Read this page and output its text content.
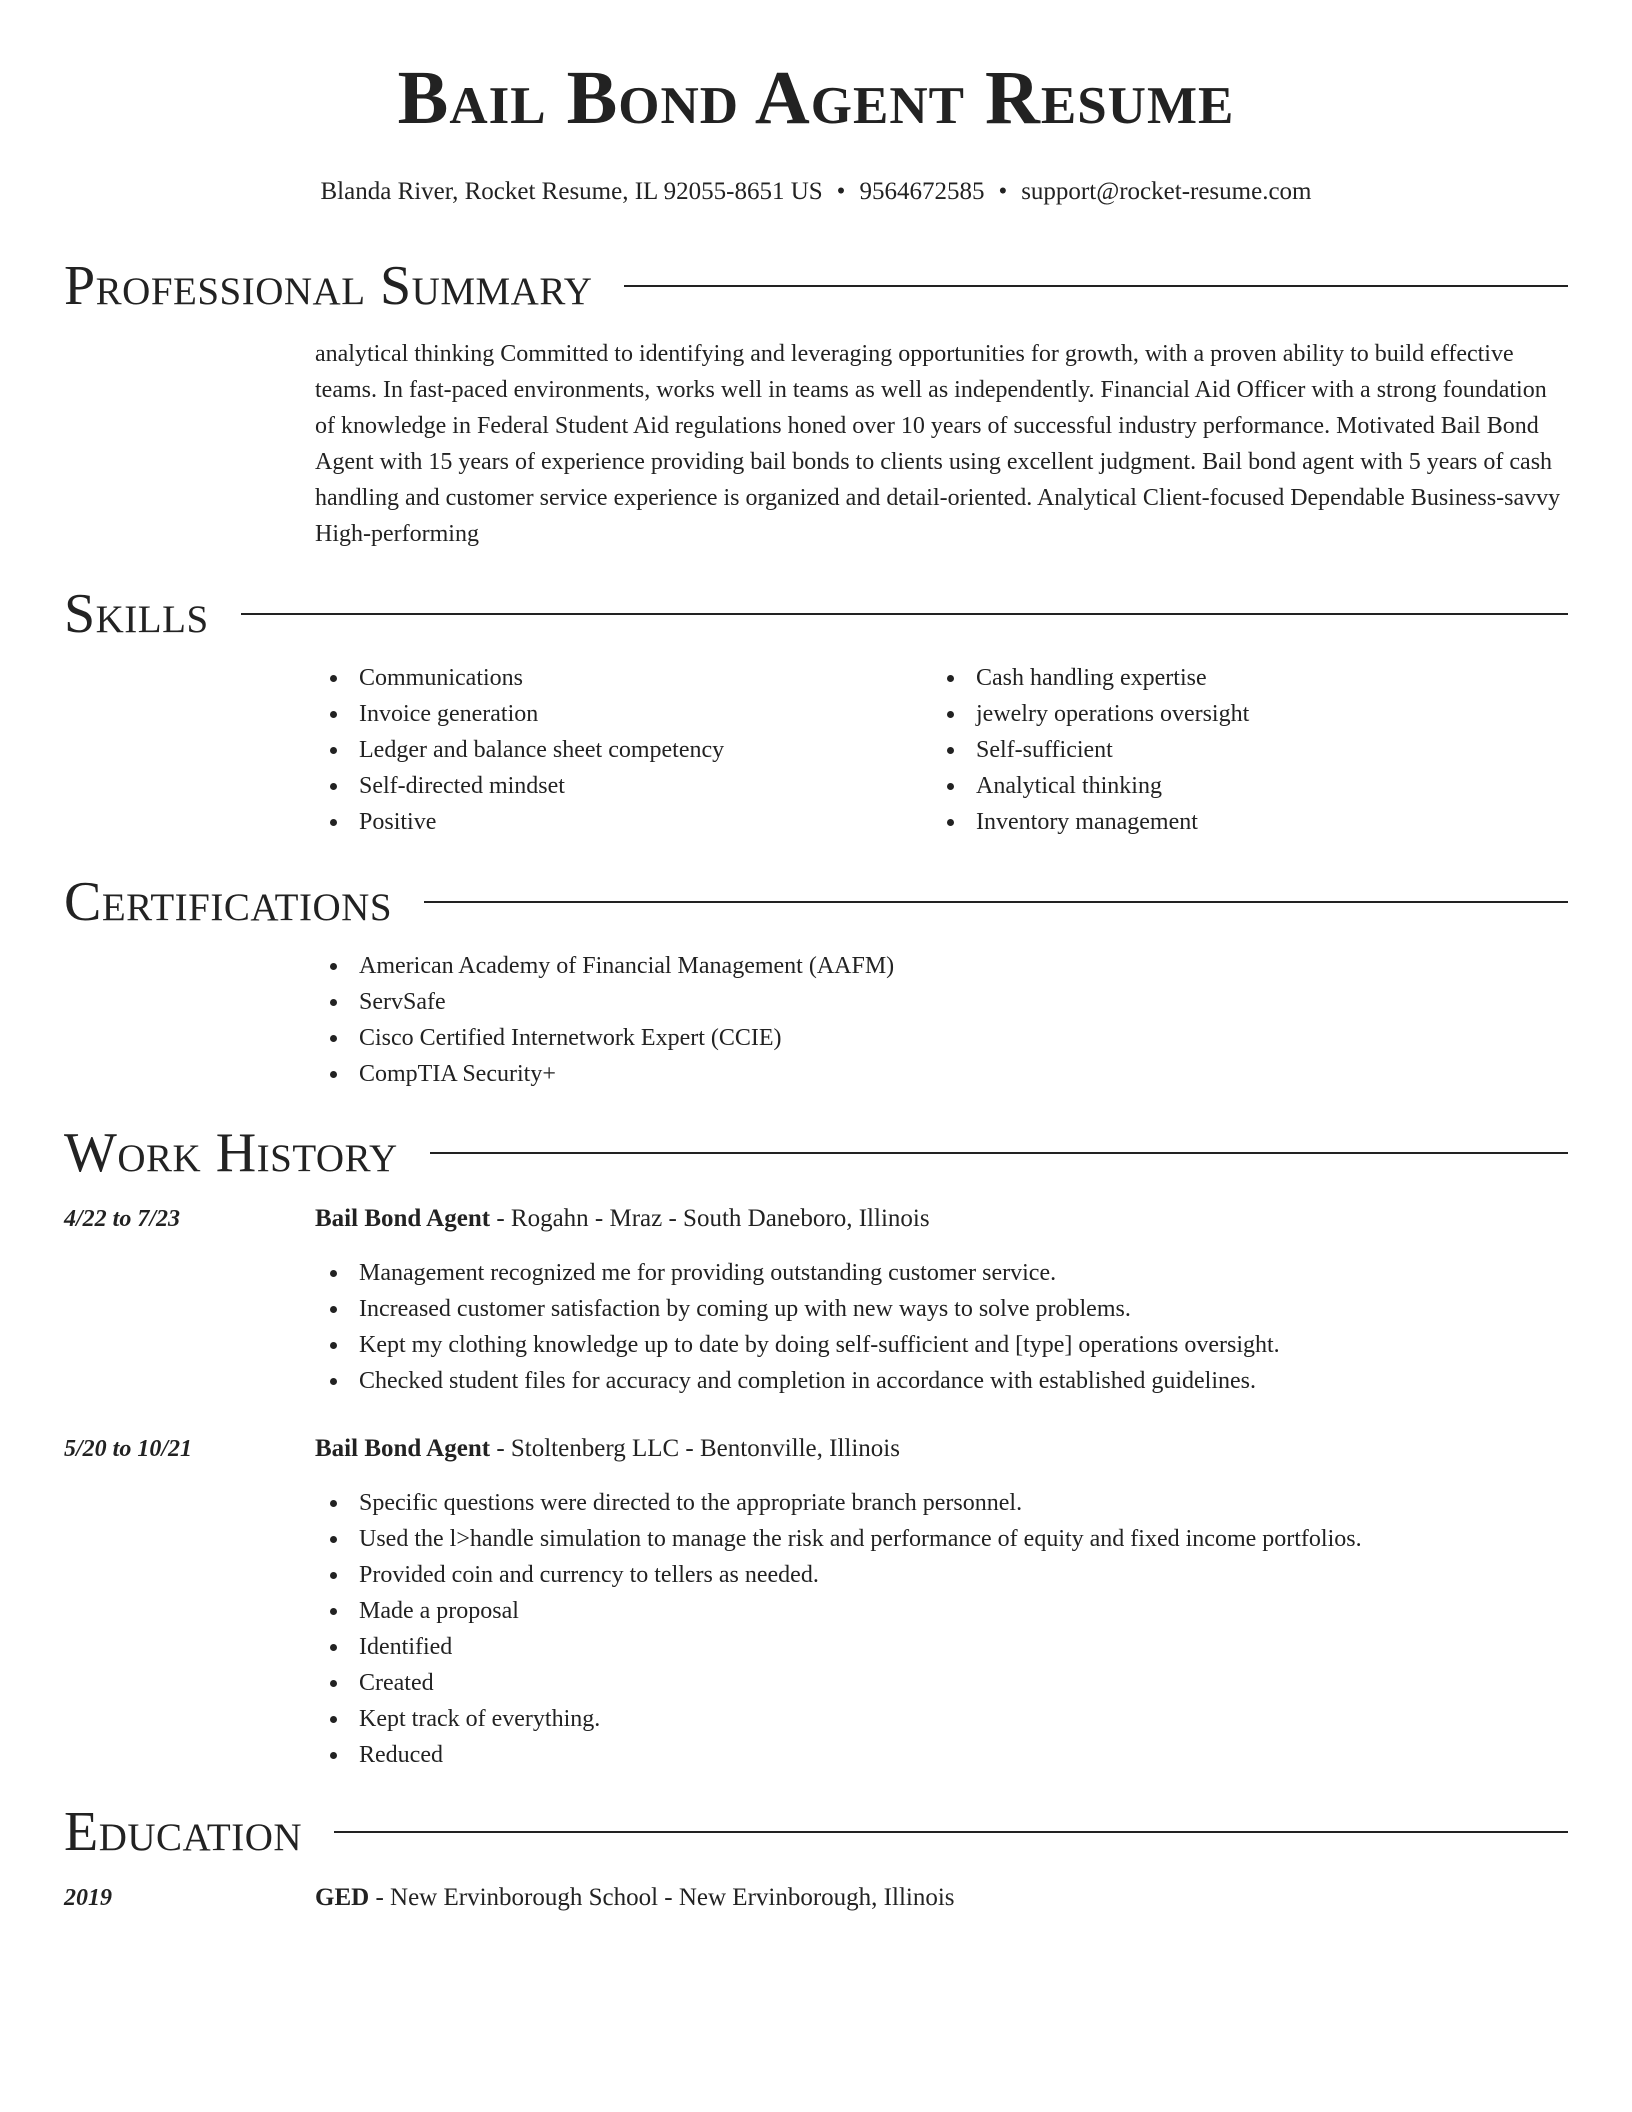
Bail Bond Agent Resume
Blanda River, Rocket Resume, IL 92055-8651 US • 9564672585 • support@rocket-resume.com
Professional Summary

analytical thinking Committed to identifying and leveraging opportunities for growth, with a proven ability to build effective teams. In fast-paced environments, works well in teams as well as independently. Financial Aid Officer with a strong foundation of knowledge in Federal Student Aid regulations honed over 10 years of successful industry performance. Motivated Bail Bond Agent with 15 years of experience providing bail bonds to clients using excellent judgment. Bail bond agent with 5 years of cash handling and customer service experience is organized and detail-oriented. Analytical Client-focused Dependable Business-savvy High-performing

Skills
Communications
Invoice generation
Ledger and balance sheet competency
Self-directed mindset
Positive
Cash handling expertise
jewelry operations oversight
Self-sufficient
Analytical thinking
Inventory management
Certifications
American Academy of Financial Management (AAFM)
ServSafe
Cisco Certified Internetwork Expert (CCIE)
CompTIA Security+
Work History
4/22 to 7/23	Bail Bond Agent - Rogahn - Mraz - South Daneboro, Illinois
Management recognized me for providing outstanding customer service.
Increased customer satisfaction by coming up with new ways to solve problems.
Kept my clothing knowledge up to date by doing self-sufficient and [type] operations oversight.
Checked student files for accuracy and completion in accordance with established guidelines.
5/20 to 10/21	Bail Bond Agent - Stoltenberg LLC - Bentonville, Illinois
Specific questions were directed to the appropriate branch personnel.
Used the l>handle simulation to manage the risk and performance of equity and fixed income portfolios.
Provided coin and currency to tellers as needed.
Made a proposal
Identified
Created
Kept track of everything.
Reduced
Education
2019	GED - New Ervinborough School - New Ervinborough, Illinois
